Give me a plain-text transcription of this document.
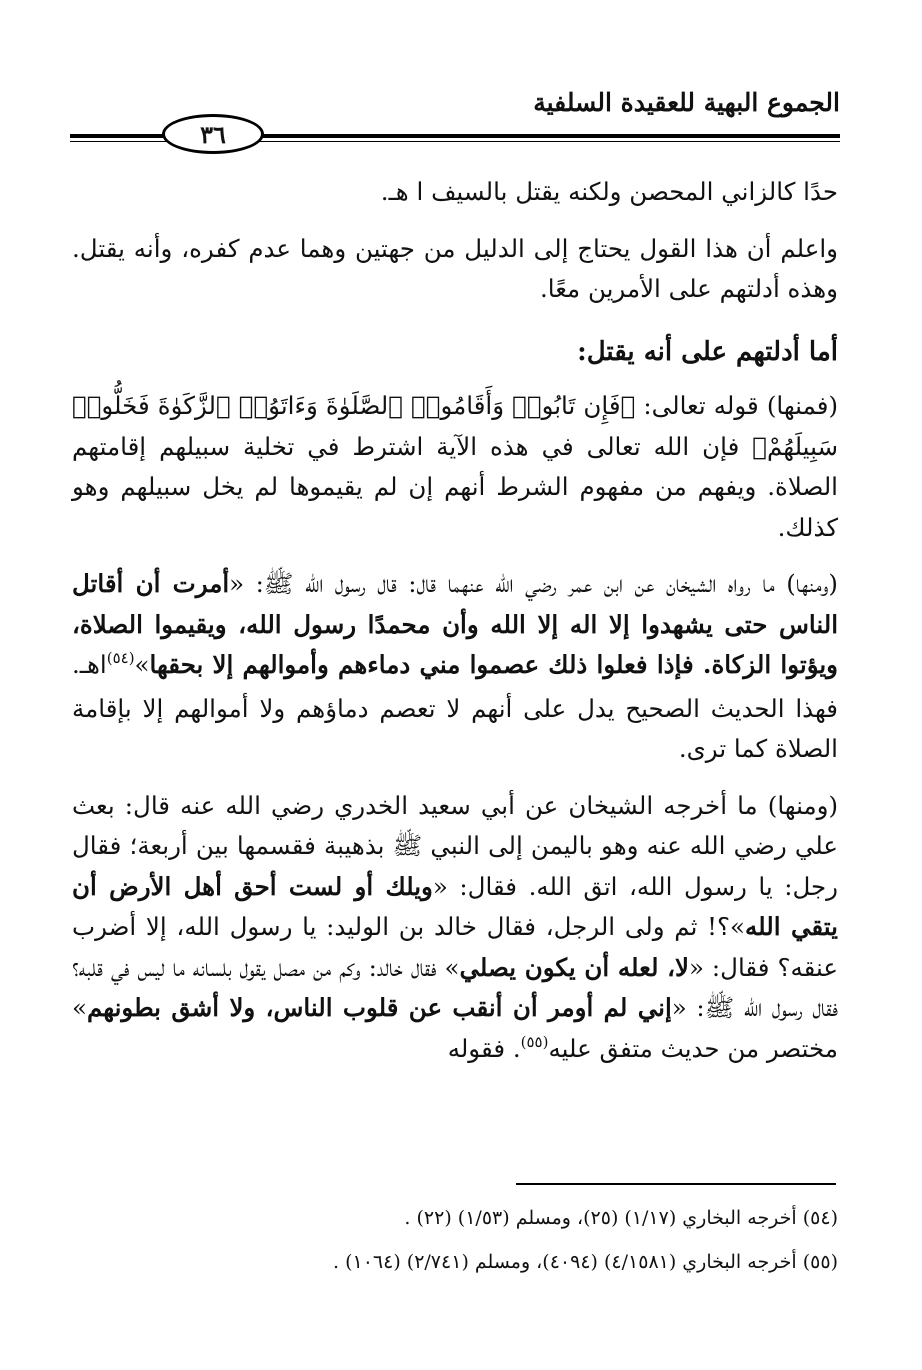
الجموع البهية للعقيدة السلفية
٣٦

حدًا كالزاني المحصن ولكنه يقتل بالسيف ا هـ.

واعلم أن هذا القول يحتاج إلى الدليل من جهتين وهما عدم كفره، وأنه يقتل. وهذه أدلتهم على الأمرين معًا.

أما أدلتهم على أنه يقتل:

(فمنها) قوله تعالى: ﴿فَإِن تَابُوا۟ وَأَقَامُوا۟ ٱلصَّلَوٰةَ وَءَاتَوُا۟ ٱلزَّكَوٰةَ فَخَلُّوا۟ سَبِيلَهُمْ﴾ فإن الله تعالى في هذه الآية اشترط في تخلية سبيلهم إقامتهم الصلاة. ويفهم من مفهوم الشرط أنهم إن لم يقيموها لم يخل سبيلهم وهو كذلك.

(ومنها) ما رواه الشيخان عن ابن عمر رضي الله عنهما قال: قال رسول الله ﷺ: «أمرت أن أقاتل الناس حتى يشهدوا إلا اله إلا الله وأن محمدًا رسول الله، ويقيموا الصلاة، ويؤتوا الزكاة. فإذا فعلوا ذلك عصموا مني دماءهم وأموالهم إلا بحقها»$^{(٥٤)}$اهـ. فهذا الحديث الصحيح يدل على أنهم لا تعصم دماؤهم ولا أموالهم إلا بإقامة الصلاة كما ترى.

(ومنها) ما أخرجه الشيخان عن أبي سعيد الخدري رضي الله عنه قال: بعث علي رضي الله عنه وهو باليمن إلى النبي ﷺ بذهيبة فقسمها بين أربعة؛ فقال رجل: يا رسول الله، اتق الله. فقال: «ويلك أو لست أحق أهل الأرض أن يتقي الله»؟! ثم ولى الرجل، فقال خالد بن الوليد: يا رسول الله، إلا أضرب عنقه؟ فقال: «لا، لعله أن يكون يصلي» فقال خالد: وكم من مصل يقول بلسانه ما ليس في قلبه؟ فقال رسول الله ﷺ: «إني لم أومر أن أنقب عن قلوب الناس، ولا أشق بطونهم» مختصر من حديث متفق عليه$^{(٥٥)}$. فقوله

(٥٤) أخرجه البخاري (١/١٧) (٢٥)، ومسلم (١/٥٣) (٢٢) .

(٥٥) أخرجه البخاري (٤/١٥٨١) (٤٠٩٤)، ومسلم (٢/٧٤١) (١٠٦٤) .
